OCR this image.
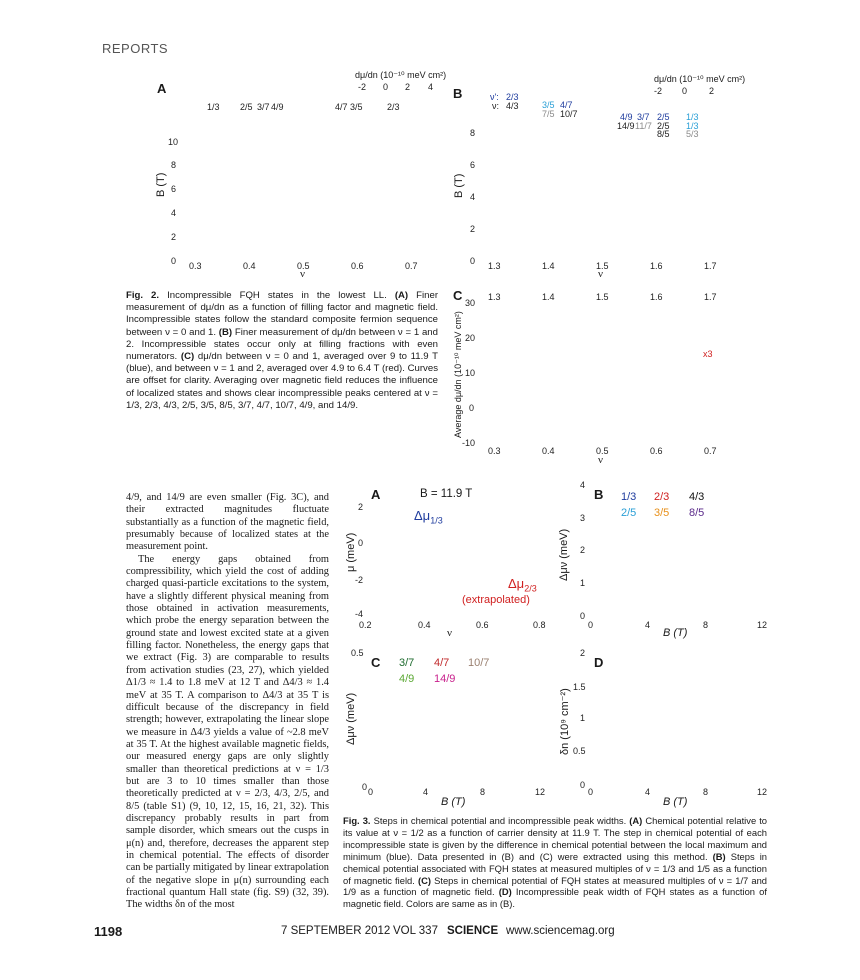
REPORTS
A
dμ/dn (10⁻¹⁰ meV cm²)
-2 0 2 4
1/3 2/5 3/7 4/9	4/7 3/5	2/3
B (T)
10
8
6
4
2
0 0.3	0.4	0.5	0.6	0.7
ν
B
dμ/dn (10⁻¹⁰ meV cm²)
-2 0 2
ν': 2/3
ν: 4/3	3/5 4/7
7/5 10/7	4/9 3/7 2/5 1/3
14/9 11/7 2/5 1/3
8/5 5/3
B (T)
8
6
4
2
0 1.3	1.4	1.5	1.6	1.7
ν
C	1.3	1.4	1.5	1.6	1.7
Average dμ/dn (10⁻¹⁰ meV cm²)
30
20
10
0
-10
x3
0.3	0.4	0.5	0.6	0.7
ν
Fig. 2. Incompressible FQH states in the lowest LL. (A) Finer measurement of dμ/dn as a function of filling factor and magnetic field. Incompressible states follow the standard composite fermion sequence between ν = 0 and 1. (B) Finer measurement of dμ/dn between ν = 1 and 2. Incompressible states occur only at filling fractions with even numerators. (C) dμ/dn between ν = 0 and 1, averaged over 9 to 11.9 T (blue), and between ν = 1 and 2, averaged over 4.9 to 6.4 T (red). Curves are offset for clarity. Averaging over magnetic field reduces the influence of localized states and shows clear incompressible peaks centered at ν = 1/3, 2/3, 4/3, 2/5, 3/5, 8/5, 3/7, 4/7, 10/7, 4/9, and 14/9.

4/9, and 14/9 are even smaller (Fig. 3C), and their extracted magnitudes fluctuate substantially as a function of the magnetic field, presumably because of localized states at the measurement point.

The energy gaps obtained from compressibility, which yield the cost of adding charged quasi-particle excitations to the system, have a slightly different physical meaning from those obtained in activation measurements, which probe the energy separation between the ground state and lowest excited state at a given filling factor. Nonetheless, the energy gaps that we extract (Fig. 3) are comparable to results from activation studies (23, 27), which yielded Δ1/3 ≈ 1.4 to 1.8 meV at 12 T and Δ4/3 ≈ 1.4 meV at 35 T. A comparison to Δ4/3 at 35 T is difficult because of the discrepancy in field strength; however, extrapolating the linear slope we measure in Δ4/3 yields a value of ~2.8 meV at 35 T. At the highest available magnetic fields, our measured energy gaps are only slightly smaller than theoretical predictions at ν = 1/3 but are 3 to 10 times smaller than those theoretically predicted at ν = 2/3, 4/3, 2/5, and 8/5 (table S1) (9, 10, 12, 15, 16, 21, 32). This discrepancy probably results in part from sample disorder, which smears out the cusps in μ(n) and, therefore, decreases the apparent step in chemical potential. The effects of disorder can be partially mitigated by linear extrapolation of the negative slope in μ(n) surrounding each fractional quantum Hall state (fig. S9) (32, 39). The widths δn of the most

A	B = 11.9 T
$\Delta\mu_{1/3}$
$\Delta\mu_{2/3}$
(extrapolated)
μ (meV)
2
0
-2
-4
0.2	0.4	0.6	0.8
ν
B 1/3 2/3 4/3
2/5 3/5 8/5
Δμν (meV)
4
3
2
1
0
0	4	8	12
B (T)
C 3/7 4/7 10/7
4/9 14/9
Δμν (meV)
0.5
0 0	4	8	12
B (T)
D
δn (10⁹ cm⁻²)
2
1.5
1
0.5
0
0	4	8	12
B (T)
Fig. 3. Steps in chemical potential and incompressible peak widths. (A) Chemical potential relative to its value at ν = 1/2 as a function of carrier density at 11.9 T. The step in chemical potential of each incompressible state is given by the difference in chemical potential between the local maximum and minimum (blue). Data presented in (B) and (C) were extracted using this method. (B) Steps in chemical potential associated with FQH states at measured multiples of ν = 1/3 and 1/5 as a function of magnetic field. (C) Steps in chemical potential of FQH states at measured multiples of ν = 1/7 and 1/9 as a function of magnetic field. (D) Incompressible peak width of FQH states as a function of magnetic field. Colors are same as in (B).
1198	7 SEPTEMBER 2012 VOL 337 SCIENCE www.sciencemag.org
